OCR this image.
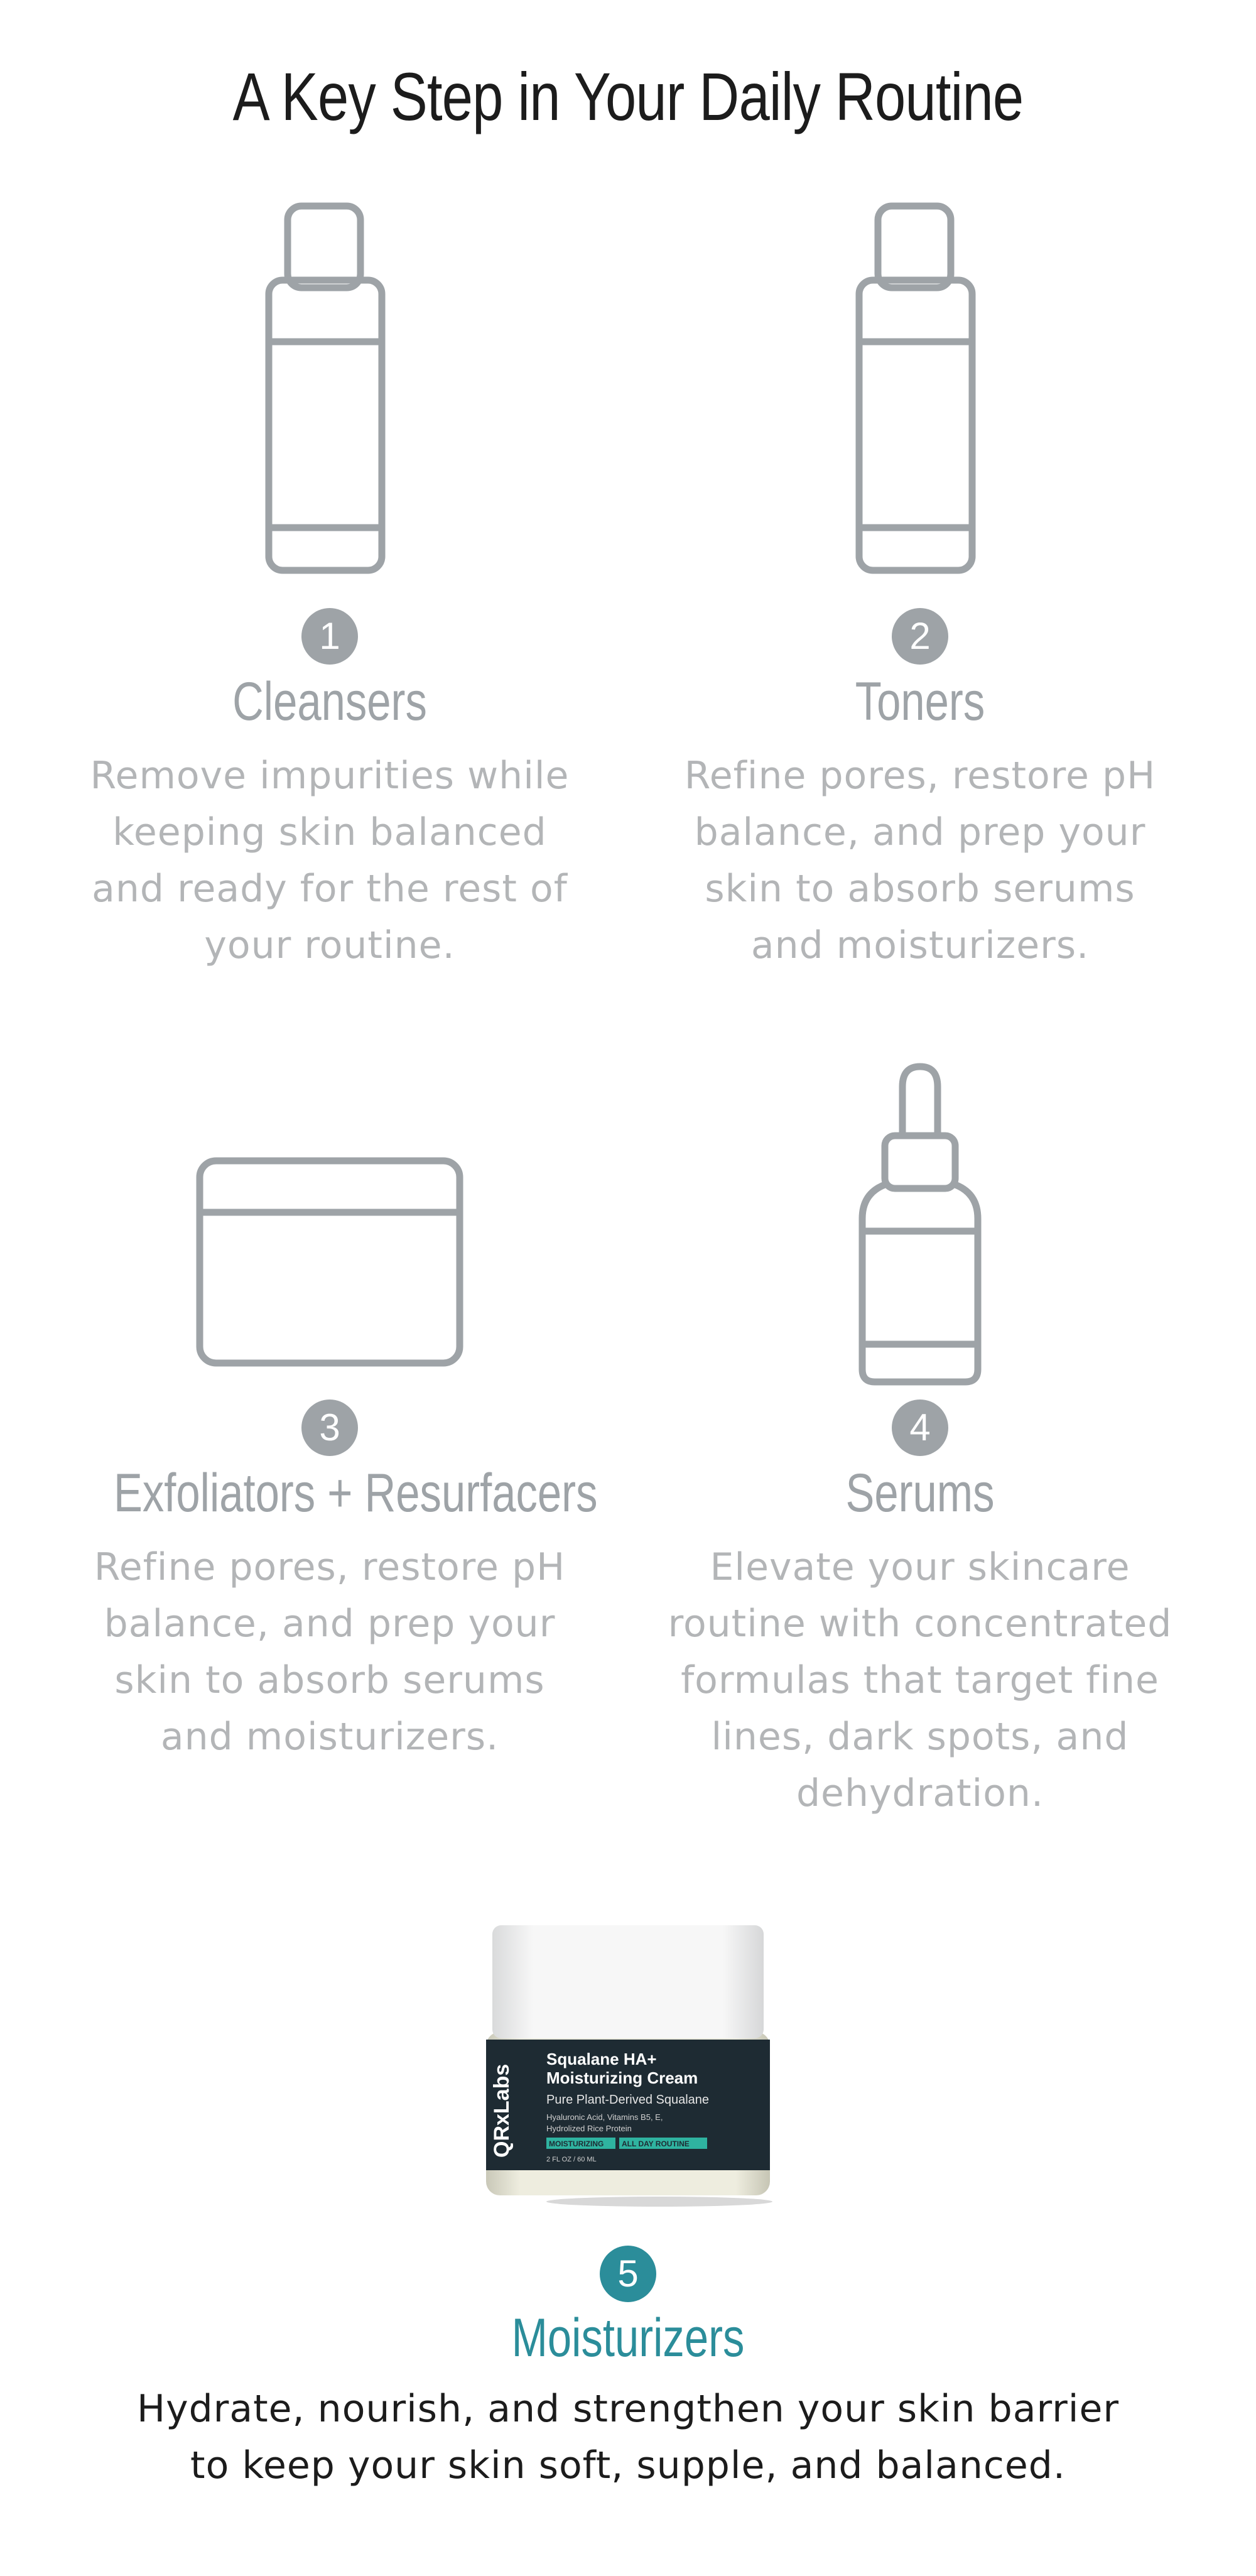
A Key Step in Your Daily Routine
1
Cleansers
Remove impurities while keeping skin balanced and ready for the rest of your routine.
2
Toners
Refine pores, restore pH balance, and prep your skin to absorb serums and moisturizers.
3
Exfoliators + Resurfacers
Refine pores, restore pH balance, and prep your skin to absorb serums and moisturizers.
4
Serums
Elevate your skincare routine with concentrated formulas that target fine lines, dark spots, and dehydration.
QRxLabs
Squalane HA+
Moisturizing Cream
Pure Plant-Derived Squalane
Hyaluronic Acid, Vitamins B5, E,
Hydrolized Rice Protein
MOISTURIZING ALL DAY ROUTINE
2 FL OZ / 60 ML
5
Moisturizers
Hydrate, nourish, and strengthen your skin barrier to keep your skin soft, supple, and balanced.
